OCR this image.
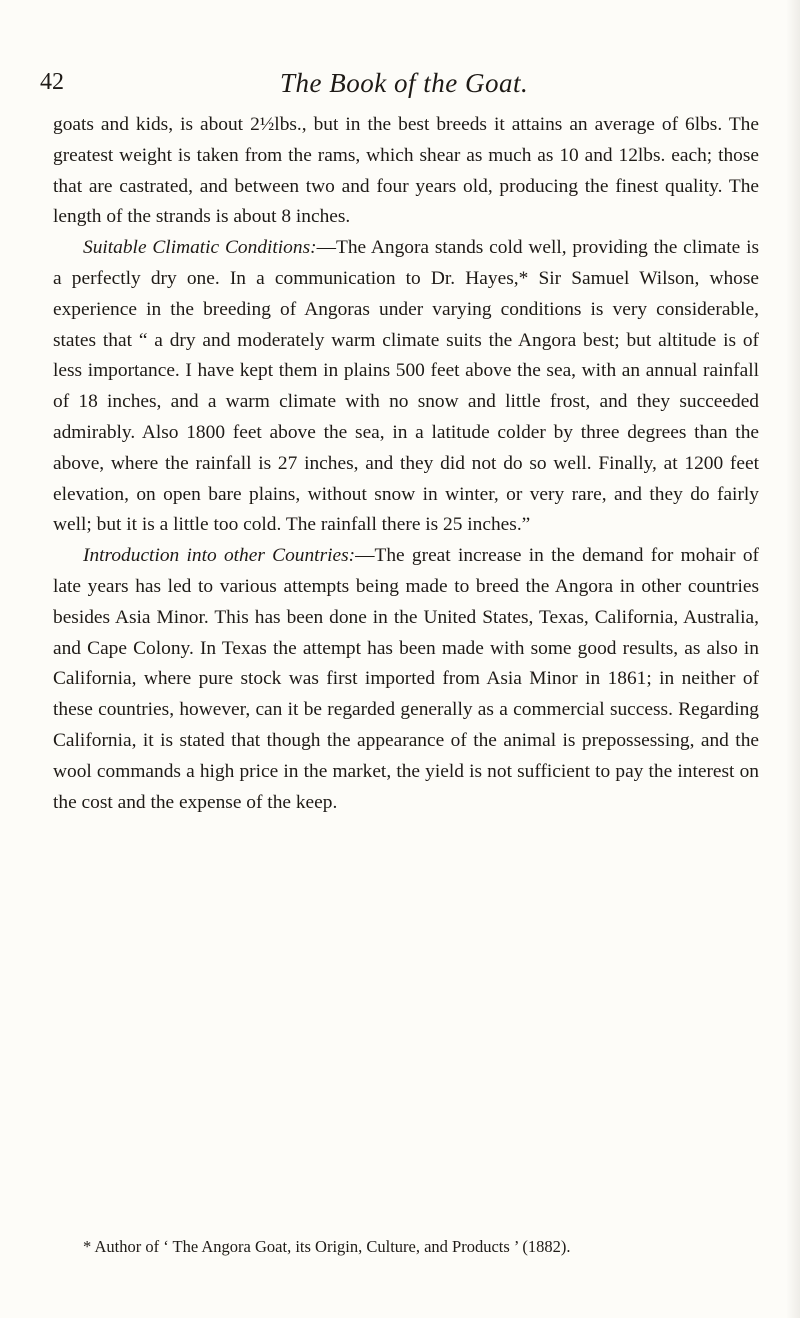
42	The Book of the Goat.

goats and kids, is about 2½lbs., but in the best breeds it attains an average of 6lbs. The greatest weight is taken from the rams, which shear as much as 10 and 12lbs. each; those that are castrated, and between two and four years old, producing the finest quality. The length of the strands is about 8 inches.

Suitable Climatic Conditions:—The Angora stands cold well, providing the climate is a perfectly dry one. In a communication to Dr. Hayes,* Sir Samuel Wilson, whose experience in the breeding of Angoras under varying conditions is very considerable, states that “ a dry and moderately warm climate suits the Angora best; but altitude is of less importance. I have kept them in plains 500 feet above the sea, with an annual rainfall of 18 inches, and a warm climate with no snow and little frost, and they succeeded admirably. Also 1800 feet above the sea, in a latitude colder by three degrees than the above, where the rainfall is 27 inches, and they did not do so well. Finally, at 1200 feet elevation, on open bare plains, without snow in winter, or very rare, and they do fairly well; but it is a little too cold. The rainfall there is 25 inches.”

Introduction into other Countries:—The great increase in the demand for mohair of late years has led to various attempts being made to breed the Angora in other countries besides Asia Minor. This has been done in the United States, Texas, California, Australia, and Cape Colony. In Texas the attempt has been made with some good results, as also in California, where pure stock was first imported from Asia Minor in 1861; in neither of these countries, however, can it be regarded generally as a commercial success. Regarding California, it is stated that though the appearance of the animal is prepossessing, and the wool commands a high price in the market, the yield is not sufficient to pay the interest on the cost and the expense of the keep.

* Author of ‘ The Angora Goat, its Origin, Culture, and Products ’ (1882).
